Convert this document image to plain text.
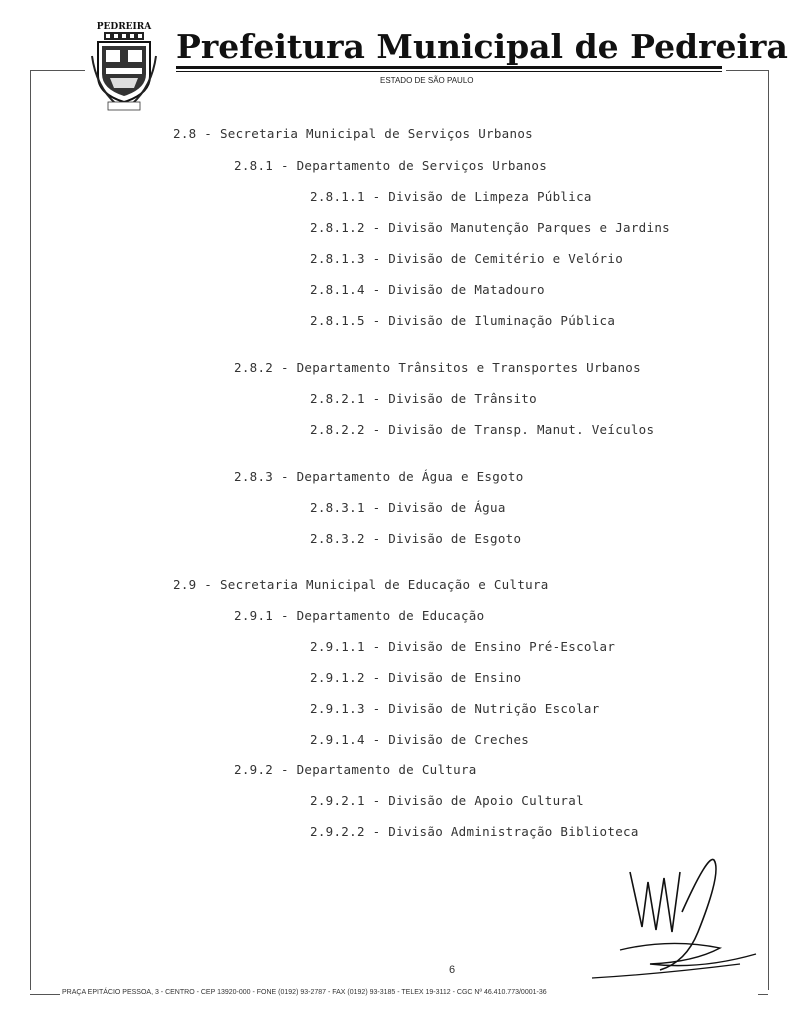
PEDREIRA Prefeitura Municipal de Pedreira
ESTADO DE SÃO PAULO
2.8 - Secretaria Municipal de Serviços Urbanos
2.8.1 - Departamento de Serviços Urbanos
2.8.1.1 - Divisão de Limpeza Pública
2.8.1.2 - Divisão Manutenção Parques e Jardins
2.8.1.3 - Divisão de Cemitério e Velório
2.8.1.4 - Divisão de Matadouro
2.8.1.5 - Divisão de Iluminação Pública
2.8.2 - Departamento Trânsitos e Transportes Urbanos
2.8.2.1 - Divisão de Trânsito
2.8.2.2 - Divisão de Transp. Manut. Veículos
2.8.3 - Departamento de Água e Esgoto
2.8.3.1 - Divisão de Água
2.8.3.2 - Divisão de Esgoto
2.9 - Secretaria Municipal de Educação e Cultura
2.9.1 - Departamento de Educação
2.9.1.1 - Divisão de Ensino Pré-Escolar
2.9.1.2 - Divisão de Ensino
2.9.1.3 - Divisão de Nutrição Escolar
2.9.1.4 - Divisão de Creches
2.9.2 - Departamento de Cultura
2.9.2.1 - Divisão de Apoio Cultural
2.9.2.2 - Divisão Administração Biblioteca
6
PRAÇA EPITÁCIO PESSOA, 3 - CENTRO - CEP 13920-000 - FONE (0192) 93-2787 - FAX (0192) 93-3185 - TELEX 19-3112 - CGC Nº 46.410.773/0001-36
